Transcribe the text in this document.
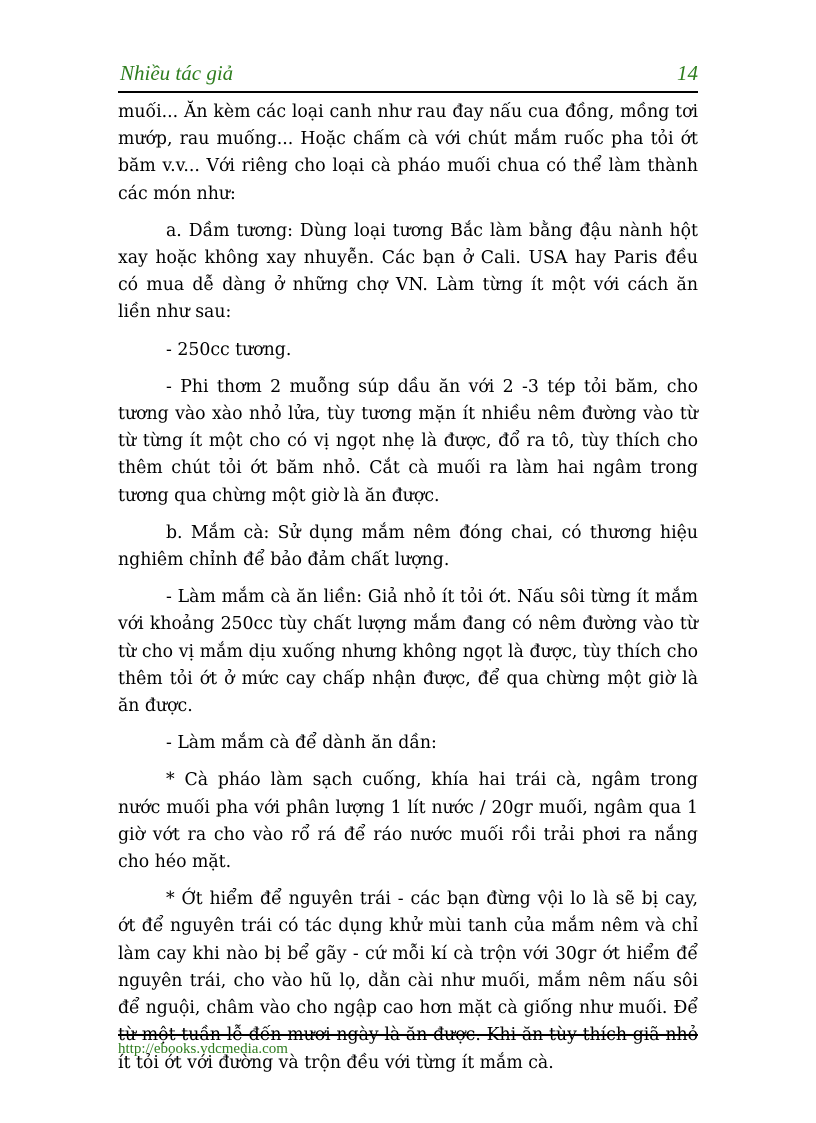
Nhiều tác giả	14

muối... Ăn kèm các loại canh như rau đay nấu cua đồng, mồng tơi mướp, rau muống... Hoặc chấm cà với chút mắm ruốc pha tỏi ớt băm v.v... Với riêng cho loại cà pháo muối chua có thể làm thành các món như:

a. Dầm tương: Dùng loại tương Bắc làm bằng đậu nành hột xay hoặc không xay nhuyễn. Các bạn ở Cali. USA hay Paris đều có mua dễ dàng ở những chợ VN. Làm từng ít một với cách ăn liền như sau:

- 250cc tương.

- Phi thơm 2 muỗng súp dầu ăn với 2 -3 tép tỏi băm, cho tương vào xào nhỏ lửa, tùy tương mặn ít nhiều nêm đường vào từ từ từng ít một cho có vị ngọt nhẹ là được, đổ ra tô, tùy thích cho thêm chút tỏi ớt băm nhỏ. Cắt cà muối ra làm hai ngâm trong tương qua chừng một giờ là ăn được.

b. Mắm cà: Sử dụng mắm nêm đóng chai, có thương hiệu nghiêm chỉnh để bảo đảm chất lượng.

- Làm mắm cà ăn liền: Giả nhỏ ít tỏi ớt. Nấu sôi từng ít mắm với khoảng 250cc tùy chất lượng mắm đang có nêm đường vào từ từ cho vị mắm dịu xuống nhưng không ngọt là được, tùy thích cho thêm tỏi ớt ở mức cay chấp nhận được, để qua chừng một giờ là ăn được.

- Làm mắm cà để dành ăn dần:

* Cà pháo làm sạch cuống, khía hai trái cà, ngâm trong nước muối pha với phân lượng 1 lít nước / 20gr muối, ngâm qua 1 giờ vớt ra cho vào rổ rá để ráo nước muối rồi trải phơi ra nắng cho héo mặt.

* Ớt hiểm để nguyên trái - các bạn đừng vội lo là sẽ bị cay, ớt để nguyên trái có tác dụng khử mùi tanh của mắm nêm và chỉ làm cay khi nào bị bể gãy - cứ mỗi kí cà trộn với 30gr ớt hiểm để nguyên trái, cho vào hũ lọ, dằn cài như muối, mắm nêm nấu sôi để nguội, châm vào cho ngập cao hơn mặt cà giống như muối. Để từ một tuần lễ đến mươi ngày là ăn được. Khi ăn tùy thích giã nhỏ ít tỏi ớt với đường và trộn đều với từng ít mắm cà.

http://ebooks.vdcmedia.com
